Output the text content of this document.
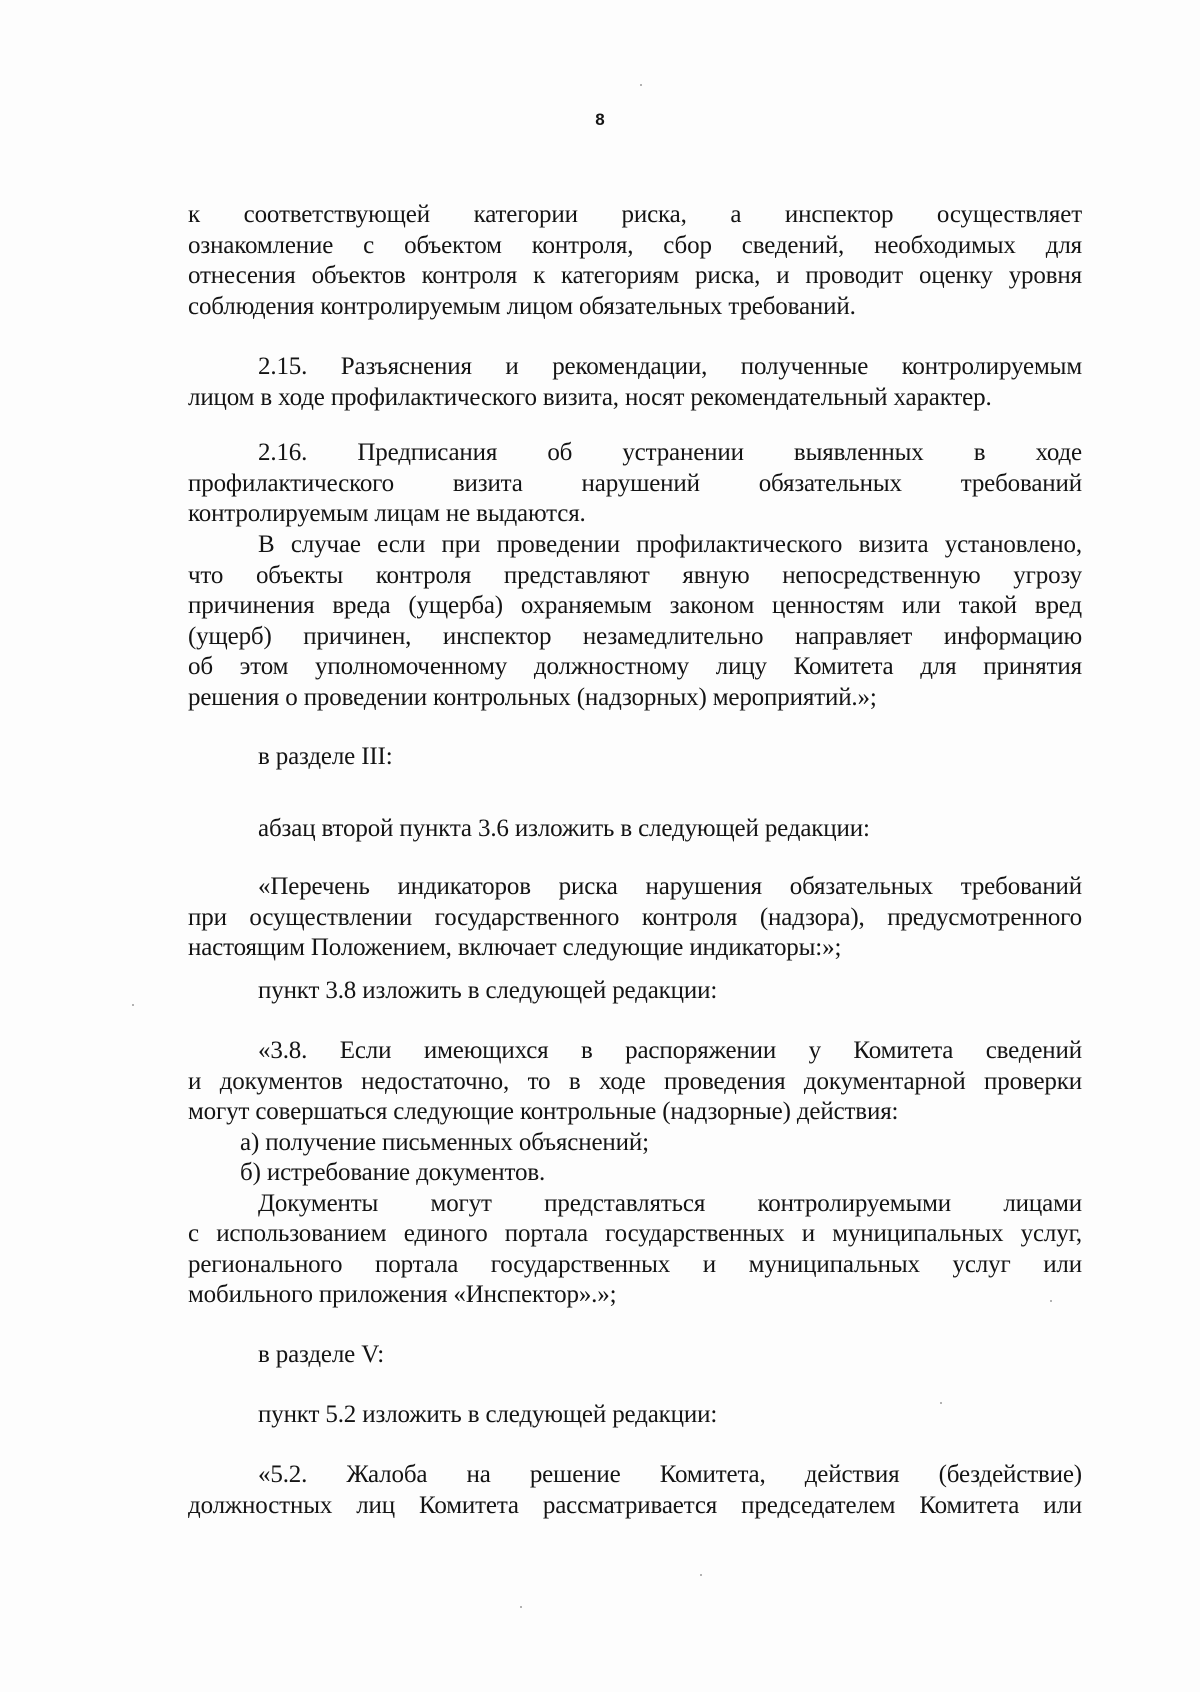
8
к соответствующей категории риска, а инспектор осуществляет
ознакомление с объектом контроля, сбор сведений, необходимых для
отнесения объектов контроля к категориям риска, и проводит оценку уровня
соблюдения контролируемым лицом обязательных требований.
2.15. Разъяснения и рекомендации, полученные контролируемым
лицом в ходе профилактического визита, носят рекомендательный характер.
2.16. Предписания об устранении выявленных в ходе
профилактического визита нарушений обязательных требований
контролируемым лицам не выдаются.
В случае если при проведении профилактического визита установлено,
что объекты контроля представляют явную непосредственную угрозу
причинения вреда (ущерба) охраняемым законом ценностям или такой вред
(ущерб) причинен, инспектор незамедлительно направляет информацию
об этом уполномоченному должностному лицу Комитета для принятия
решения о проведении контрольных (надзорных) мероприятий.»;
в разделе III:
абзац второй пункта 3.6 изложить в следующей редакции:
«Перечень индикаторов риска нарушения обязательных требований
при осуществлении государственного контроля (надзора), предусмотренного
настоящим Положением, включает следующие индикаторы:»;
пункт 3.8 изложить в следующей редакции:
«3.8. Если имеющихся в распоряжении у Комитета сведений
и документов недостаточно, то в ходе проведения документарной проверки
могут совершаться следующие контрольные (надзорные) действия:
а) получение письменных объяснений;
б) истребование документов.
Документы могут представляться контролируемыми лицами
с использованием единого портала государственных и муниципальных услуг,
регионального портала государственных и муниципальных услуг или
мобильного приложения «Инспектор».»;
в разделе V:
пункт 5.2 изложить в следующей редакции:
«5.2. Жалоба на решение Комитета, действия (бездействие)
должностных лиц Комитета рассматривается председателем Комитета или
